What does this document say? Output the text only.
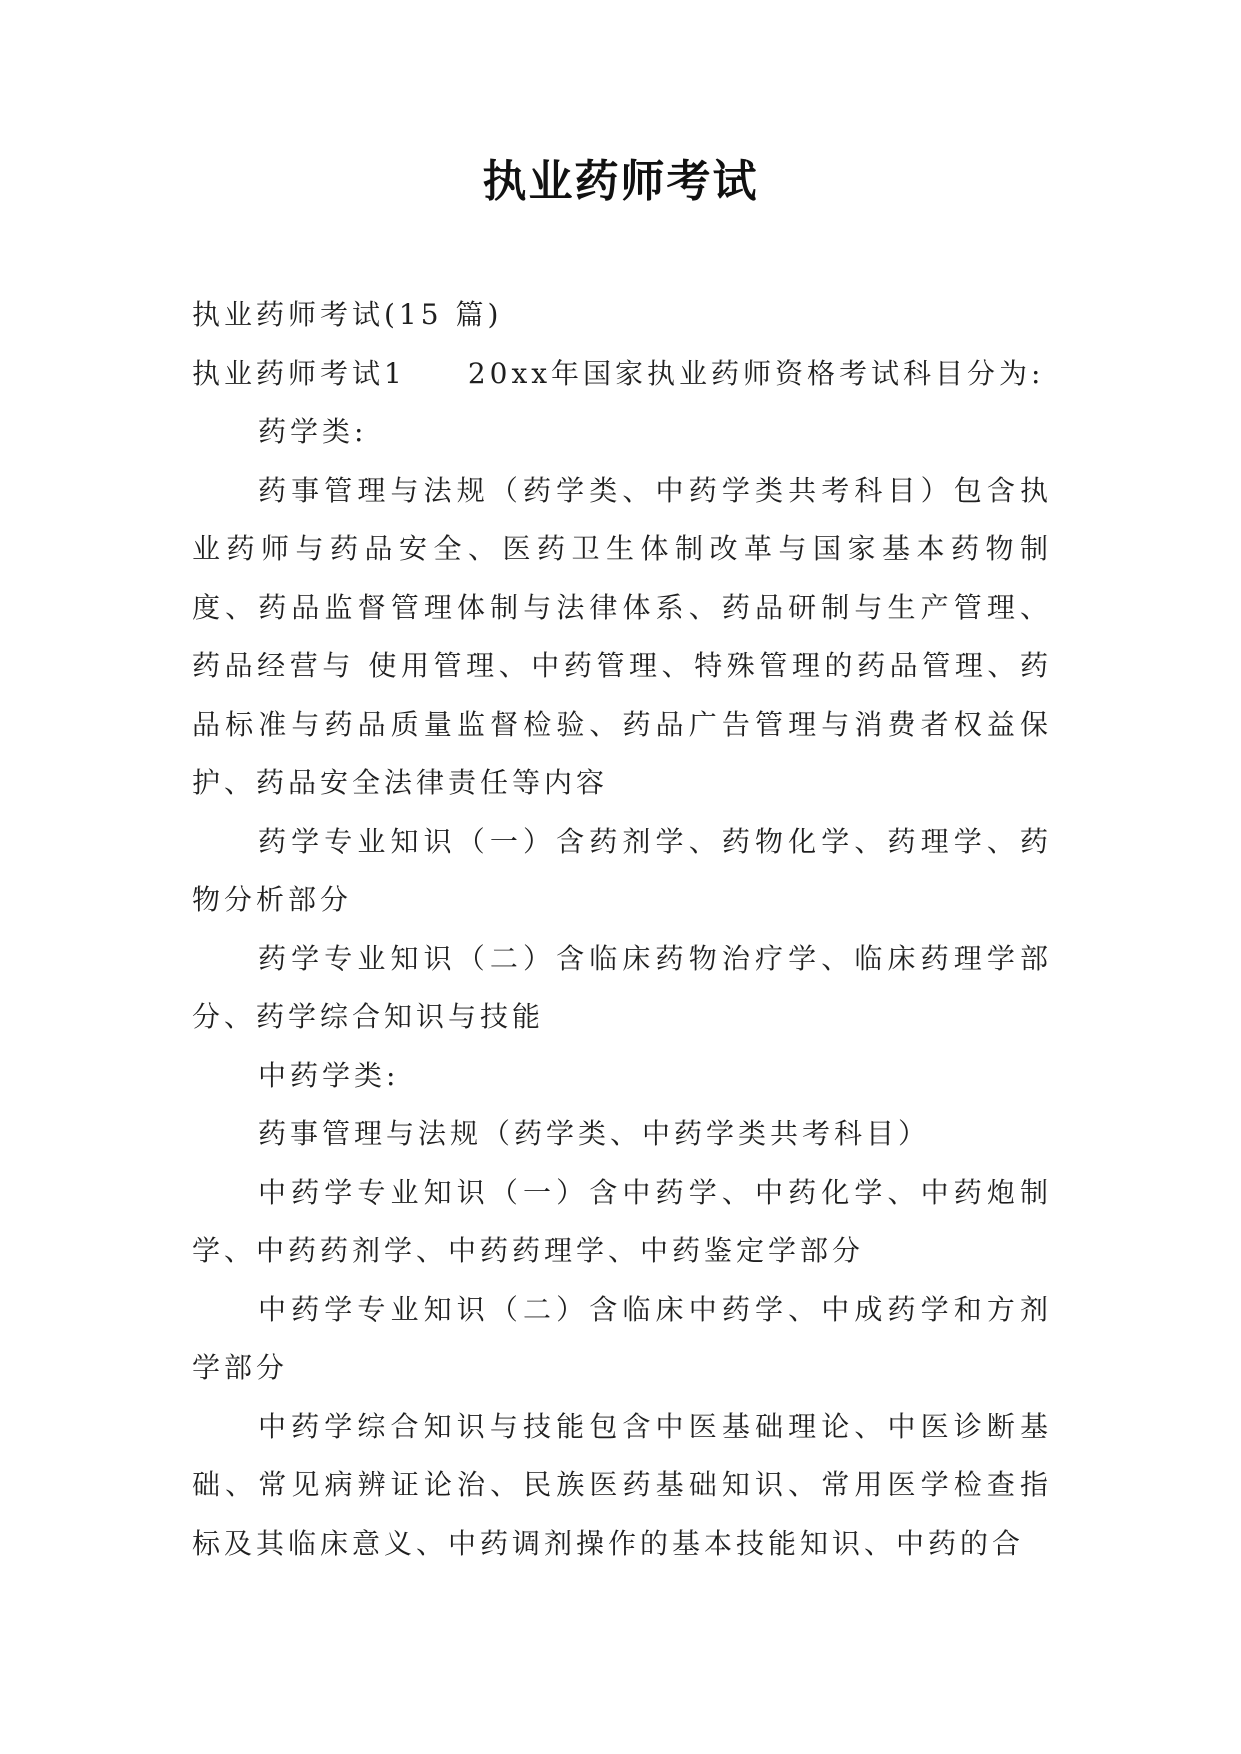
执业药师考试

执业药师考试(15 篇)

执业药师考试1 20xx年国家执业药师资格考试科目分为:

药学类:

药事管理与法规（药学类、中药学类共考科目）包含执业药师与药品安全、医药卫生体制改革与国家基本药物制度、药品监督管理体制与法律体系、药品研制与生产管理、药品经营与 使用管理、中药管理、特殊管理的药品管理、药品标准与药品质量监督检验、药品广告管理与消费者权益保护、药品安全法律责任等内容

药学专业知识（一）含药剂学、药物化学、药理学、药物分析部分

药学专业知识（二）含临床药物治疗学、临床药理学部分、药学综合知识与技能

中药学类:

药事管理与法规（药学类、中药学类共考科目）

中药学专业知识（一）含中药学、中药化学、中药炮制学、中药药剂学、中药药理学、中药鉴定学部分

中药学专业知识（二）含临床中药学、中成药学和方剂学部分

中药学综合知识与技能包含中医基础理论、中医诊断基础、常见病辨证论治、民族医药基础知识、常用医学检查指标及其临床意义、中药调剂操作的基本技能知识、中药的合
